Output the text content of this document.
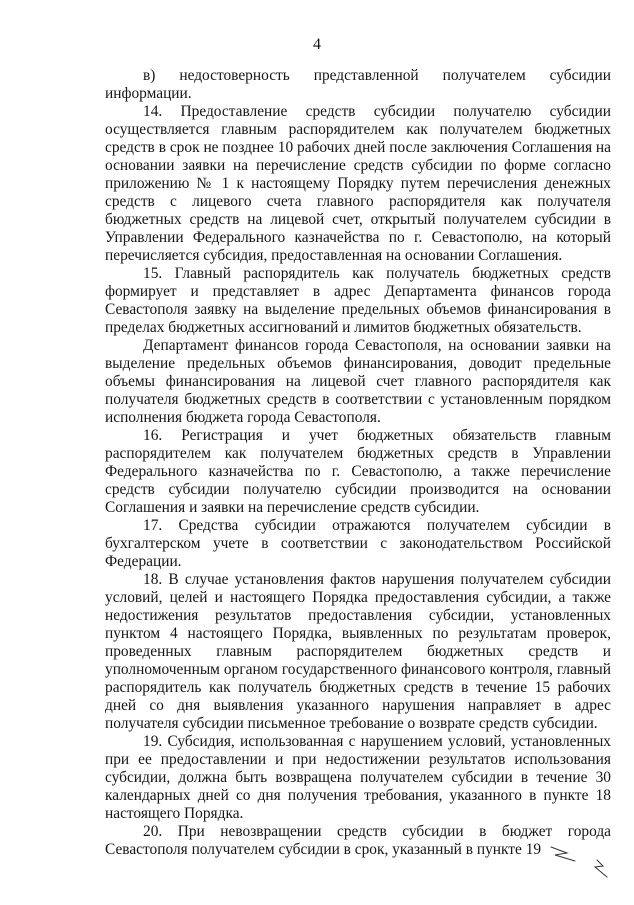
4

в) недостоверность представленной получателем субсидии информации.

14. Предоставление средств субсидии получателю субсидии осуществляется главным распорядителем как получателем бюджетных средств в срок не позднее 10 рабочих дней после заключения Соглашения на основании заявки на перечисление средств субсидии по форме согласно приложению № 1 к настоящему Порядку путем перечисления денежных средств с лицевого счета главного распорядителя как получателя бюджетных средств на лицевой счет, открытый получателем субсидии в Управлении Федерального казначейства по г. Севастополю, на который перечисляется субсидия, предоставленная на основании Соглашения.

15. Главный распорядитель как получатель бюджетных средств формирует и представляет в адрес Департамента финансов города Севастополя заявку на выделение предельных объемов финансирования в пределах бюджетных ассигнований и лимитов бюджетных обязательств.

Департамент финансов города Севастополя, на основании заявки на выделение предельных объемов финансирования, доводит предельные объемы финансирования на лицевой счет главного распорядителя как получателя бюджетных средств в соответствии с установленным порядком исполнения бюджета города Севастополя.

16. Регистрация и учет бюджетных обязательств главным распорядителем как получателем бюджетных средств в Управлении Федерального казначейства по г. Севастополю, а также перечисление средств субсидии получателю субсидии производится на основании Соглашения и заявки на перечисление средств субсидии.

17. Средства субсидии отражаются получателем субсидии в бухгалтерском учете в соответствии с законодательством Российской Федерации.

18. В случае установления фактов нарушения получателем субсидии условий, целей и настоящего Порядка предоставления субсидии, а также недостижения результатов предоставления субсидии, установленных пунктом 4 настоящего Порядка, выявленных по результатам проверок, проведенных главным распорядителем бюджетных средств и уполномоченным органом государственного финансового контроля, главный распорядитель как получатель бюджетных средств в течение 15 рабочих дней со дня выявления указанного нарушения направляет в адрес получателя субсидии письменное требование о возврате средств субсидии.

19. Субсидия, использованная с нарушением условий, установленных при ее предоставлении и при недостижении результатов использования субсидии, должна быть возвращена получателем субсидии в течение 30 календарных дней со дня получения требования, указанного в пункте 18 настоящего Порядка.

20. При невозвращении средств субсидии в бюджет города Севастополя получателем субсидии в срок, указанный в пункте 19
